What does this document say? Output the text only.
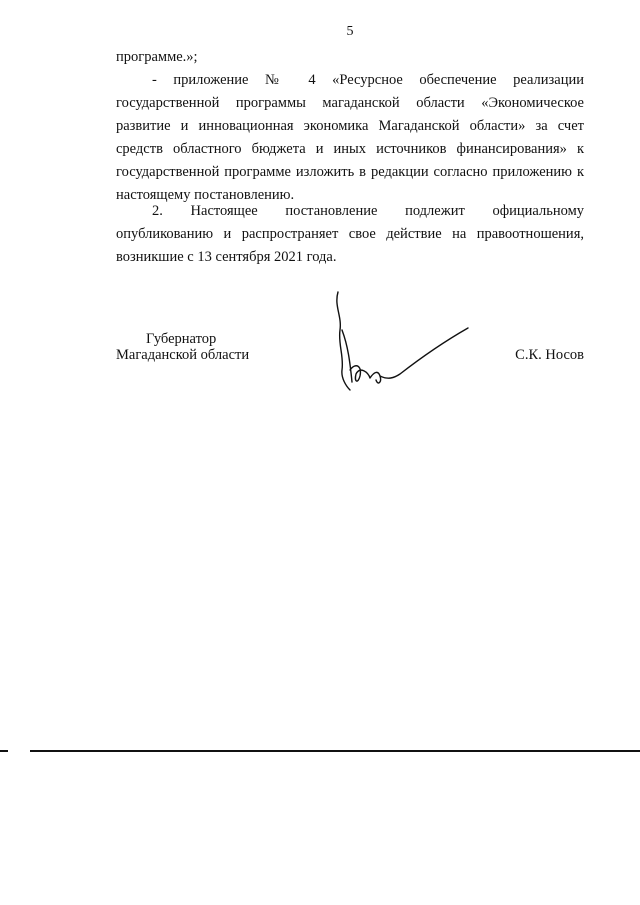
5
программе.»;

- приложение № 4 «Ресурсное обеспечение реализации государственной программы магаданской области «Экономическое развитие и инновационная экономика Магаданской области» за счет средств областного бюджета и иных источников финансирования» к государственной программе изложить в редакции согласно приложению к настоящему постановлению.

2. Настоящее постановление подлежит официальному опубликованию и распространяет свое действие на правоотношения, возникшие с 13 сентября 2021 года.

Губернатор
Магаданской области	С.К. Носов
